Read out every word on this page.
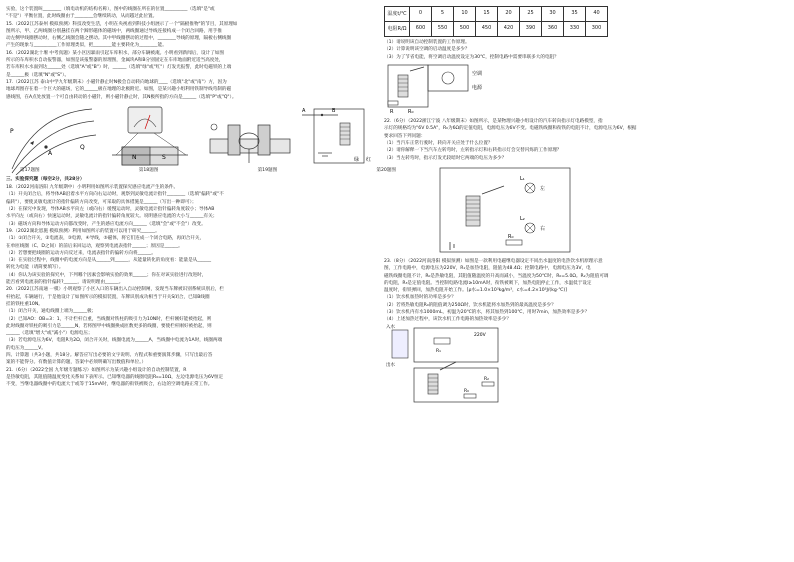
实验，这个装置叫________（填电动机的结构名称），图中的线圈在所在的位置__________（选填"是"或

"不是"）平衡位置，此时线圈由于________会继续转动，从而越过此位置。

15.（2022江苏泰州 模拟预测）科技改变生活，小明在央视看到科技小组展示了一个"隔板推物"的节目，其原理如

图所示，甲、乙两线圈分别悬挂在两个蹄形磁体的磁场中，两线圈通过导线连接构成一个闭合回路，用手推

动左侧甲线圈摆动时，右侧乙线圈会随之摆动。其中甲线圈摆动的过程中，________导线的原理，隔板右侧线圈

产生的现象与__________工作原理类似，把________能主要转化为________能。

16.（2022湖北十堰 中考真题）某小区因暴雨引起车库积水，部分车辆被淹。小明看到新闻后，设计了如图

所示的车库积水自动报警器，如图是该报警器的原理图，金属块A和B分别固定在车库地面附近适当高度处，

若车库积水水面到达______处（选填"A"或"B"）时，______（选填"绿"或"红"）灯发光报警，此时电磁铁的上端

是______极（选填"N"或"S"）。

17.（2022江苏 泰山中学九年级期末）小磁针静止时N极会自动转向地球的____（选填"北"或"南"）方，因为

地球周围存在着一个巨大的磁场，它的______极在地理的北极附近。如图，是某兴趣小组利用铁制导线弯制的磁

感线图，在A点处放置一个可自由转动的小磁针，则小磁针静止时，其N极所指的方向是______（选填"P"或"Q"）。

P
A
Q
N	S
A	B
绿 红
第17题图	第18题图	第19题图	第20题图

三、实验探究题（每空2分，共28分）

18.（2022河南洛阳 九年级期中）小明利用如图所示装置探究感应电流产生的条件。

（1）开关闭合后，将导体AB沿着水平方向向右运动时，观察到灵敏电流计指针________（选填"偏转"或"不

偏转"），要使灵敏电流计的指针偏转方向改变，可采取的具体措施是______（写出一种即可）；

（2）在探究中发现，导体AB水平向左（或向右）缓慢运动时，灵敏电流计指针偏转角度较小；导体AB

水平向左（或向右）快速运动时，灵敏电流计的指针偏转角度较大。说明感应电流的大小与______有关；

（3）磁场方向和导体运动方向都改变时，产生的感应电流方向______（选填"会"或"不会"）改变。

19.（2022湖北恩施 模拟预测）利用如图所示的装置可以用于研究______。

（1）①闭合开关，②电流表，③电源，④导线，⑤磁体，将它们连成一个闭合电路，再闭合开关，

在单匝线圈（C、D之间）的前后来回运动，观察到电流表指针______；原因是______。

（2）若想要把线圈的运动方向反过来，电流表指针的偏转方向将______。

（3）在实验过程中，线圈中的电流方向是从______到______，从能量转化的角度看：能量是从______

转化为电能（请简要填写）。

（4）你认为该实验的探究中，下列哪个因素会影响实验的效果______；你在对该实验进行改进时，

能否看到电流表的指针偏转?______，请说明理由______。

20.（2022江苏南通 一模）小明观察了小区入口的车辆出入自动控制闸，发现当车牌被识别系统识别后，栏

杆抬起，车辆通行，于是他设计了如图所示的模拟装置，车牌识别成功相当于开关S闭合，已知B线圈

挂的铁柱重10N。

（1）闭合开关，通电线圈上端为______极；

（2）已知AO：OB=3：1，不计栏杆自重，当线圈对铁柱的吸引力为10N时，栏杆刚好能被抬起，则

此时线圈对铁柱的吸引力是______N，若将图甲中线圈换成匝数更多的线圈，要使栏杆刚好被抬起，则

______（选填"增大"或"减小"）电源电压；

（3）若电源电压为6V，电阻R为2Ω，闭合开关时，线圈电流为______A，当线圈中电流为1A时，线圈两端

的电压为______V。

四、计算题（共3小题，共18分。解答应写出必要的文字说明、方程式和重要演算步骤，只写出最后答

案的不能得分。有数值计算的题，答案中必须明确写出数值和单位。）

21.（6分）（2022全国 九年级专题练习）如图所示为某兴趣小组设计的自动控制装置，R

是热敏电阻，其阻值随温度变化关系如下表所示。已知继电器的线圈电阻R₀=10Ω，左边电源电压为6V恒定

不变，当继电器线圈中的电流大于或等于15mA时，继电器的衔铁被吸合，右边的空调电路正常工作。

温度t/℃	0	5	10	15	20	25	30	35	40
电阻R/Ω	600	550	500	450	420	390	360	330	300

（1）请说明该自动控制装置的工作原理。

（2）计算说明该空调的启动温度是多少？

（3）为了节省电能，将空调启动温度设定为30℃，控制电路中需要串联多大的电阻？

R	R₀
空调
电源

22.（6分）（2022浙江宁波 八年级期末）如图所示，是某物理兴趣小组设计的汽车转向指示灯电路模型，指

示灯的规格均为"6V 0.5A"，R₀为6Ω的定值电阻，电源电压为6V不变。电磁铁线圈和衔铁的电阻不计，电源电压为6V，根据

要求回答下列问题：

（1）当汽车正常行驶时，转向开关应处于什么位置？

（2）请你解释一下当汽车左转弯时，左转指示灯和右转指示灯会交替闪烁的工作原理？

（3）当左转弯时，指示灯发光较暗时它两端的电压为多少？

左
右
L₁
L₂
R₀

23.（8分）（2022河南洛阳 模拟预测）如图是一款利用电磁继电器设定不同出水温度的电热饮水机原理示意

图，工作电路中，电源电压为220V，R₁是加热电阻，阻值为48.4Ω；控制电路中，电源电压为3V，电

磁铁线圈电阻不计，R₀是热敏电阻，其阻值随温度的升高而减小，当温度为50℃时，R₀=5.0Ω。R₂为阻值可调

的电阻，R₃是定值电阻。当控制电路电流I≥10mA时，衔铁被吸下，加热电阻停止工作，水温低于设定

温度时，衔铁弹回，加热电阻开始工作。[ρ水=1.0×10³kg/m³，c水=4.2×10³J/(kg·℃)]

（1）饮水机加热时的功率是多少？

（2）若将热敏电阻R₀的阻值调为250Ω时，饮水机能将水加热到的最高温度是多少？

（3）饮水机内有水1000mL，初温为20℃的水，将其加热到100℃，用时7min，加热效率是多少？

（4）上述加热过程中，该饮水机工作电路的加热效率是多少？

入水
出水
220V
R₁
R₀
R₂
